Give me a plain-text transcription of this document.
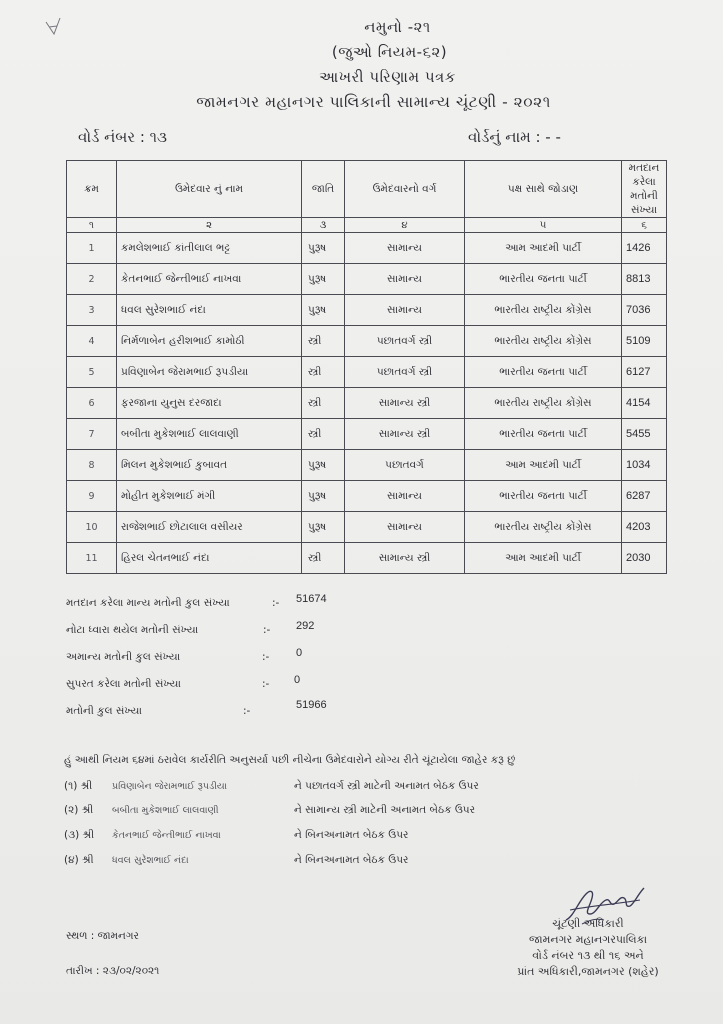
નમુનો -૨૧
(જુઓ નિયમ-૬૨)
આખરી પરિણામ પત્રક
જામનગર મહાનગર પાલિકાની સામાન્ય ચૂંટણી - ૨૦૨૧
વોર્ડ નંબર : ૧૩	વોર્ડનું નામ : - -
ક્રમ	ઉમેદવાર નું નામ	જાતિ	ઉમેદવારનો વર્ગ	પક્ષ સાથે જોડાણ	મતદાન કરેલા મતોની સંખ્યા
૧	૨	૩	૪	૫	૬
1	કમલેશભાઈ કાંતીલાલ ભટ્ટ	પુરૂષ	સામાન્ય	આમ આદમી પાર્ટી	1426
2	કેતનભાઈ જેન્તીભાઈ નાખવા	પુરૂષ	સામાન્ય	ભારતીય જનતા પાર્ટી	8813
3	ધવલ સુરેશભાઈ નંદા	પુરૂષ	સામાન્ય	ભારતીય રાષ્ટ્રીય કોંગ્રેસ	7036
4	નિર્મળાબેન હરીશભાઈ કામોઠી	સ્ત્રી	પછાતવર્ગ સ્ત્રી	ભારતીય રાષ્ટ્રીય કોંગ્રેસ	5109
5	પ્રવિણાબેન જેરામભાઈ રૂપડીયા	સ્ત્રી	પછાતવર્ગ સ્ત્રી	ભારતીય જનતા પાર્ટી	6127
6	ફરજાના યુનુસ દરજાદા	સ્ત્રી	સામાન્ય સ્ત્રી	ભારતીય રાષ્ટ્રીય કોંગ્રેસ	4154
7	બબીતા મુકેશભાઈ લાલવાણી	સ્ત્રી	સામાન્ય સ્ત્રી	ભારતીય જનતા પાર્ટી	5455
8	મિલન મુકેશભાઈ કુબાવત	પુરૂષ	પછાતવર્ગ	આમ આદમી પાર્ટી	1034
9	મોહીત મુકેશભાઈ મંગી	પુરૂષ	સામાન્ય	ભારતીય જનતા પાર્ટી	6287
10	રાજેશભાઈ છોટાલાલ વસીયર	પુરૂષ	સામાન્ય	ભારતીય રાષ્ટ્રીય કોંગ્રેસ	4203
11	હિરલ ચેતનભાઈ નંદા	સ્ત્રી	સામાન્ય સ્ત્રી	આમ આદમી પાર્ટી	2030
મતદાન કરેલા માન્ય મતોની કુલ સંખ્યા	:- 51674
નોટા ધ્વારા થયેલ મતોની સંખ્યા	:- 292
અમાન્ય મતોની કુલ સંખ્યા	:- 0
સુપરત કરેલા મતોની સંખ્યા	:- 0
મતોની કુલ સંખ્યા	:-	51966
હું આથી નિયમ ૬૪માં ઠરાવેલ કાર્યરીતિ અનુસર્યા પછી નીચેના ઉમેદવારોને યોગ્ય રીતે ચૂંટાયેલા જાહેર કરૂ છું
(૧) શ્રી પ્રવિણાબેન જેરામભાઈ રૂપડીયા	ને પછાતવર્ગ સ્ત્રી માટેની અનામત બેઠક ઉપર
(૨) શ્રી બબીતા મુકેશભાઈ લાલવાણી	ને સામાન્ય સ્ત્રી માટેની અનામત બેઠક ઉપર
(૩) શ્રી કેતનભાઈ જેન્તીભાઈ નાખવા	ને બિનઅનામત બેઠક ઉપર
(૪) શ્રી ધવલ સુરેશભાઈ નંદા	ને બિનઅનામત બેઠક ઉપર
સ્થળ : જામનગર
તારીખ : ૨૩/૦૨/૨૦૨૧
ચૂંટણી અધિકારી
જામનગર મહાનગરપાલિકા
વોર્ડ નંબર ૧૩ થી ૧૬ અને
પ્રાંત અધિકારી,જામનગર (શહેર)
